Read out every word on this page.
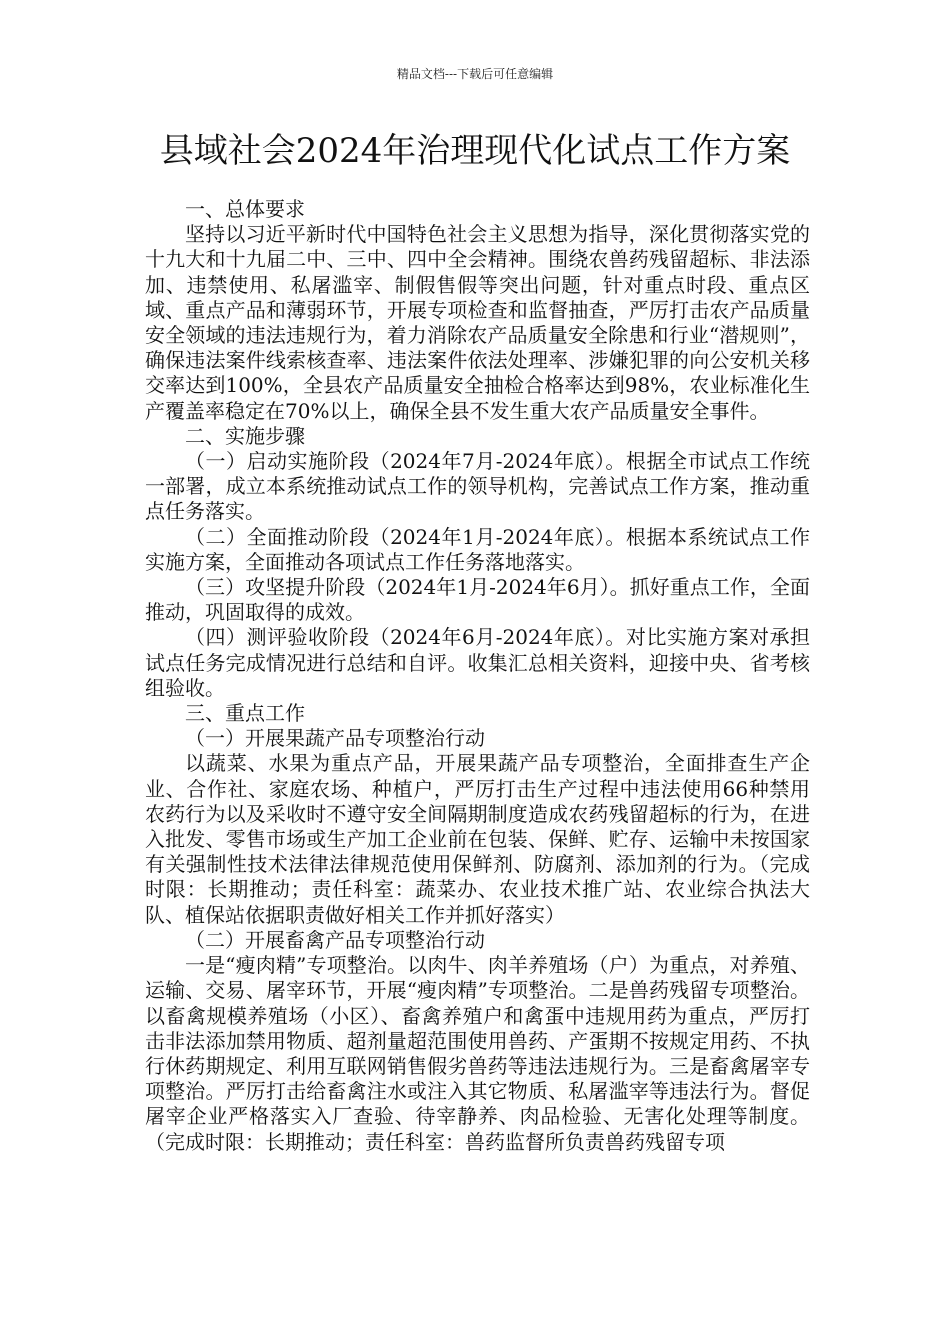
精品文档---下载后可任意编辑
县域社会2024年治理现代化试点工作方案

一、总体要求

坚持以习近平新时代中国特色社会主义思想为指导，深化贯彻落实党的十九大和十九届二中、三中、四中全会精神。围绕农兽药残留超标、非法添加、违禁使用、私屠滥宰、制假售假等突出问题，针对重点时段、重点区域、重点产品和薄弱环节，开展专项检查和监督抽查，严厉打击农产品质量安全领域的违法违规行为，着力消除农产品质量安全除患和行业“潜规则”，确保违法案件线索核查率、违法案件依法处理率、涉嫌犯罪的向公安机关移交率达到100%，全县农产品质量安全抽检合格率达到98%，农业标准化生产覆盖率稳定在70%以上，确保全县不发生重大农产品质量安全事件。

二、实施步骤

（一）启动实施阶段（2024年7月-2024年底）。根据全市试点工作统一部署，成立本系统推动试点工作的领导机构，完善试点工作方案，推动重点任务落实。

（二）全面推动阶段（2024年1月-2024年底）。根据本系统试点工作实施方案，全面推动各项试点工作任务落地落实。

（三）攻坚提升阶段（2024年1月-2024年6月）。抓好重点工作，全面推动，巩固取得的成效。

（四）测评验收阶段（2024年6月-2024年底）。对比实施方案对承担试点任务完成情况进行总结和自评。收集汇总相关资料，迎接中央、省考核组验收。

三、重点工作

（一）开展果蔬产品专项整治行动

以蔬菜、水果为重点产品，开展果蔬产品专项整治，全面排查生产企业、合作社、家庭农场、种植户，严厉打击生产过程中违法使用66种禁用农药行为以及采收时不遵守安全间隔期制度造成农药残留超标的行为，在进入批发、零售市场或生产加工企业前在包装、保鲜、贮存、运输中未按国家有关强制性技术法律法律规范使用保鲜剂、防腐剂、添加剂的行为。（完成时限：长期推动；责任科室：蔬菜办、农业技术推广站、农业综合执法大队、植保站依据职责做好相关工作并抓好落实）

（二）开展畜禽产品专项整治行动

一是“瘦肉精”专项整治。以肉牛、肉羊养殖场（户）为重点，对养殖、运输、交易、屠宰环节，开展“瘦肉精”专项整治。二是兽药残留专项整治。以畜禽规模养殖场（小区）、畜禽养殖户和禽蛋中违规用药为重点，严厉打击非法添加禁用物质、超剂量超范围使用兽药、产蛋期不按规定用药、不执行休药期规定、利用互联网销售假劣兽药等违法违规行为。三是畜禽屠宰专项整治。严厉打击给畜禽注水或注入其它物质、私屠滥宰等违法行为。督促屠宰企业严格落实入厂查验、待宰静养、肉品检验、无害化处理等制度。（完成时限：长期推动；责任科室：兽药监督所负责兽药残留专项
